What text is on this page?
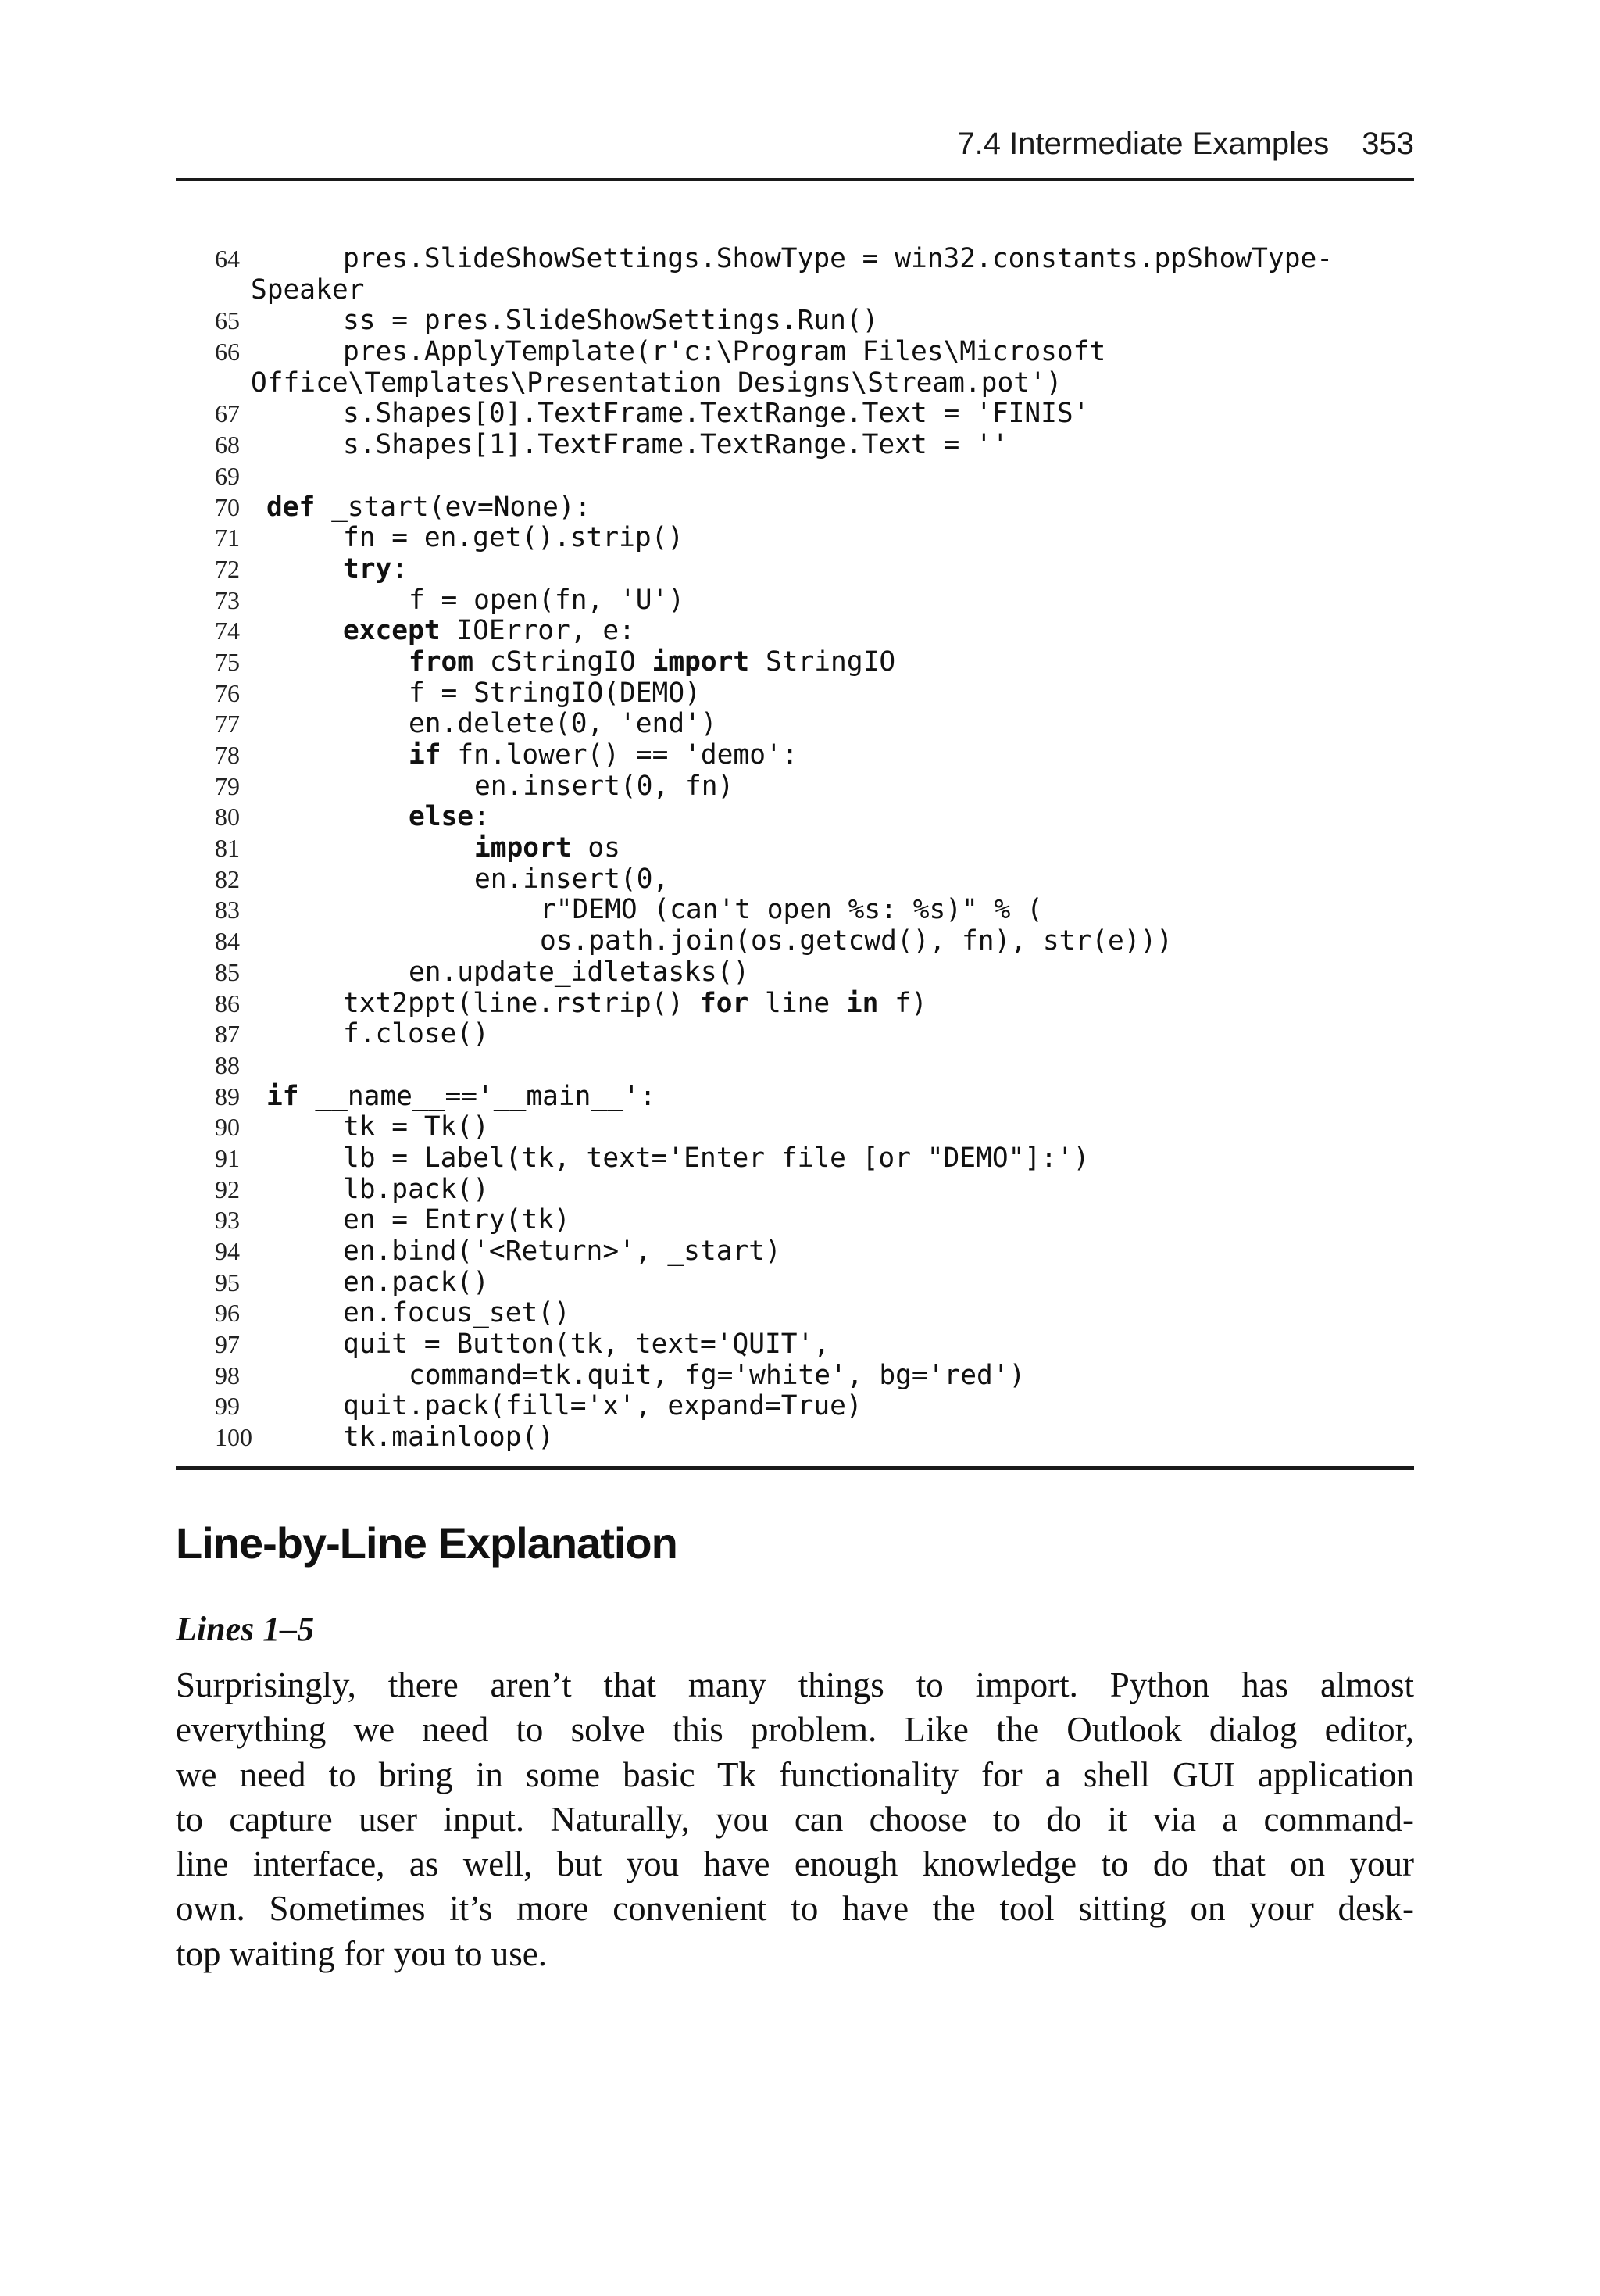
7.4 Intermediate Examples 353
64	pres.SlideShowSettings.ShowType = win32.constants.ppShowType-
Speaker
65	ss = pres.SlideShowSettings.Run()
66	pres.ApplyTemplate(r'c:\Program Files\Microsoft
Office\Templates\Presentation Designs\Stream.pot')
67	s.Shapes[0].TextFrame.TextRange.Text = 'FINIS'
68	s.Shapes[1].TextFrame.TextRange.Text = ''
69
70 def _start(ev=None):
71	fn = en.get().strip()
72	try:
73	f = open(fn, 'U')
74	except IOError, e:
75	from cStringIO import StringIO
76	f = StringIO(DEMO)
77	en.delete(0, 'end')
78	if fn.lower() == 'demo':
79	en.insert(0, fn)
80	else:
81	import os
82	en.insert(0,
83	r"DEMO (can't open %s: %s)" % (
84	os.path.join(os.getcwd(), fn), str(e)))
85	en.update_idletasks()
86	txt2ppt(line.rstrip() for line in f)
87	f.close()
88
89 if __name__=='__main__':
90	tk = Tk()
91	lb = Label(tk, text='Enter file [or "DEMO"]:')
92	lb.pack()
93	en = Entry(tk)
94	en.bind('<Return>', _start)
95	en.pack()
96	en.focus_set()
97	quit = Button(tk, text='QUIT',
98	command=tk.quit, fg='white', bg='red')
99	quit.pack(fill='x', expand=True)
100	tk.mainloop()
Line-by-Line Explanation
Lines 1–5

Surprisingly, there aren’t that many things to import. Python has almost
everything we need to solve this problem. Like the Outlook dialog editor,
we need to bring in some basic Tk functionality for a shell GUI application
to capture user input. Naturally, you can choose to do it via a command-
line interface, as well, but you have enough knowledge to do that on your
own. Sometimes it’s more convenient to have the tool sitting on your desk-
top waiting for you to use.
